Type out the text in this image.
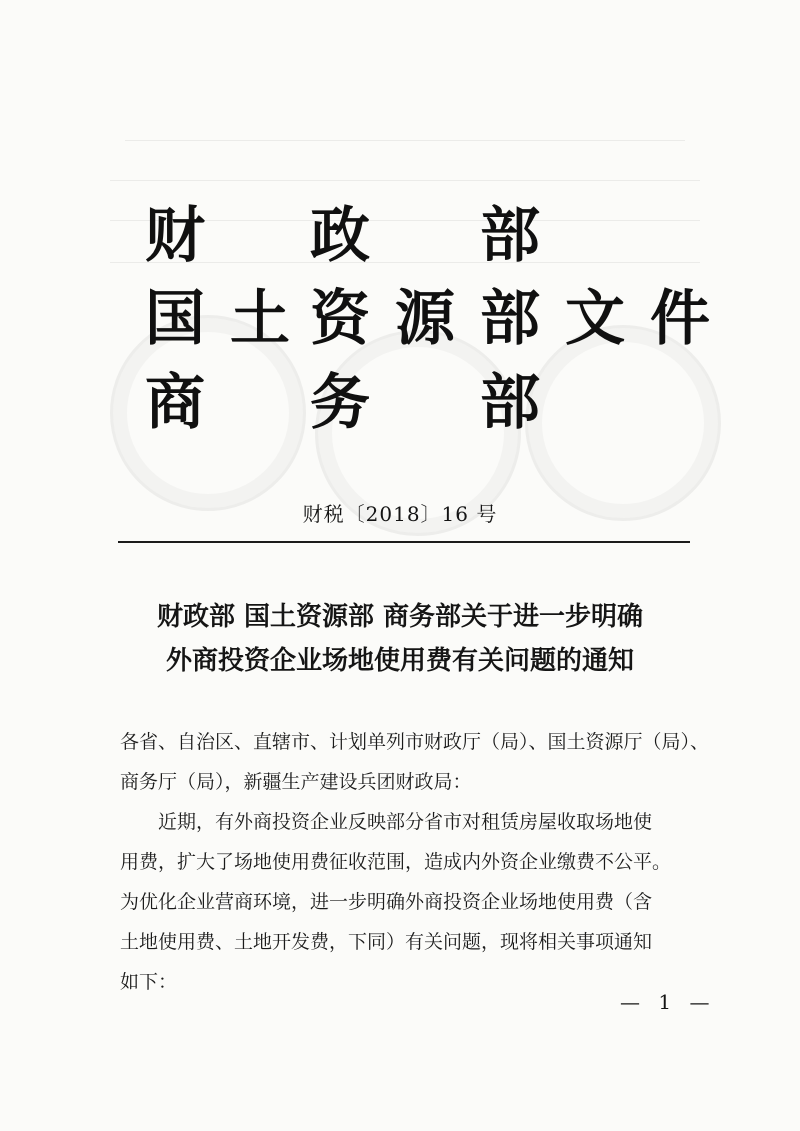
财 政 部
国 土 资 源 部 文 件
商 务 部
财税〔2018〕16 号
财政部 国土资源部 商务部关于进一步明确
外商投资企业场地使用费有关问题的通知

各省、自治区、直辖市、计划单列市财政厅（局）、国土资源厅（局）、

商务厅（局），新疆生产建设兵团财政局：

近期，有外商投资企业反映部分省市对租赁房屋收取场地使

用费，扩大了场地使用费征收范围，造成内外资企业缴费不公平。

为优化企业营商环境，进一步明确外商投资企业场地使用费（含

土地使用费、土地开发费，下同）有关问题，现将相关事项通知

如下：

— 1 —
